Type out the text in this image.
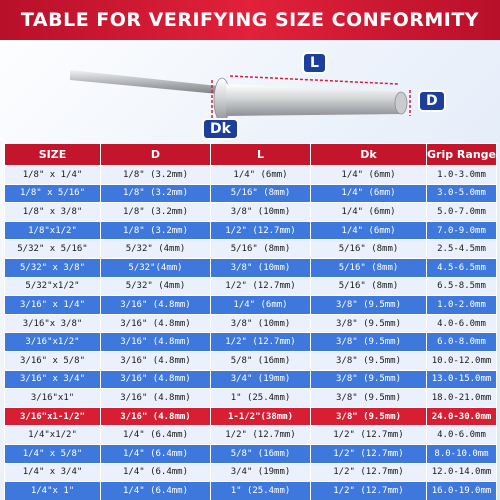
TABLE FOR VERIFYING SIZE CONFORMITY
L
D
Dk
SIZE	D	L	Dk	Grip Range
1/8" x 1/4"	1/8" (3.2mm)	1/4" (6mm)	1/4" (6mm)	1.0-3.0mm
1/8" x 5/16"	1/8" (3.2mm)	5/16" (8mm)	1/4" (6mm)	3.0-5.0mm
1/8" x 3/8"	1/8" (3.2mm)	3/8" (10mm)	1/4" (6mm)	5.0-7.0mm
1/8"x1/2"	1/8" (3.2mm)	1/2" (12.7mm)	1/4" (6mm)	7.0-9.0mm
5/32" x 5/16"	5/32" (4mm)	5/16" (8mm)	5/16" (8mm)	2.5-4.5mm
5/32" x 3/8"	5/32"(4mm)	3/8" (10mm)	5/16" (8mm)	4.5-6.5mm
5/32"x1/2"	5/32" (4mm)	1/2" (12.7mm)	5/16" (8mm)	6.5-8.5mm
3/16" x 1/4"	3/16" (4.8mm)	1/4" (6mm)	3/8" (9.5mm)	1.0-2.0mm
3/16"x 3/8"	3/16" (4.8mm)	3/8" (10mm)	3/8" (9.5mm)	4.0-6.0mm
3/16"x1/2"	3/16" (4.8mm)	1/2" (12.7mm)	3/8" (9.5mm)	6.0-8.0mm
3/16" x 5/8"	3/16" (4.8mm)	5/8" (16mm)	3/8" (9.5mm)	10.0-12.0mm
3/16" x 3/4"	3/16" (4.8mm)	3/4" (19mm)	3/8" (9.5mm)	13.0-15.0mm
3/16"x1"	3/16" (4.8mm)	1" (25.4mm)	3/8" (9.5mm)	18.0-21.0mm
3/16"x1-1/2"	3/16" (4.8mm)	1-1/2"(38mm)	3/8" (9.5mm)	24.0-30.0mm
1/4"x1/2"	1/4" (6.4mm)	1/2" (12.7mm)	1/2" (12.7mm)	4.0-6.0mm
1/4" x 5/8"	1/4" (6.4mm)	5/8" (16mm)	1/2" (12.7mm)	8.0-10.0mm
1/4" x 3/4"	1/4" (6.4mm)	3/4" (19mm)	1/2" (12.7mm)	12.0-14.0mm
1/4"x 1"	1/4" (6.4mm)	1" (25.4mm)	1/2" (12.7mm)	16.0-19.0mm
